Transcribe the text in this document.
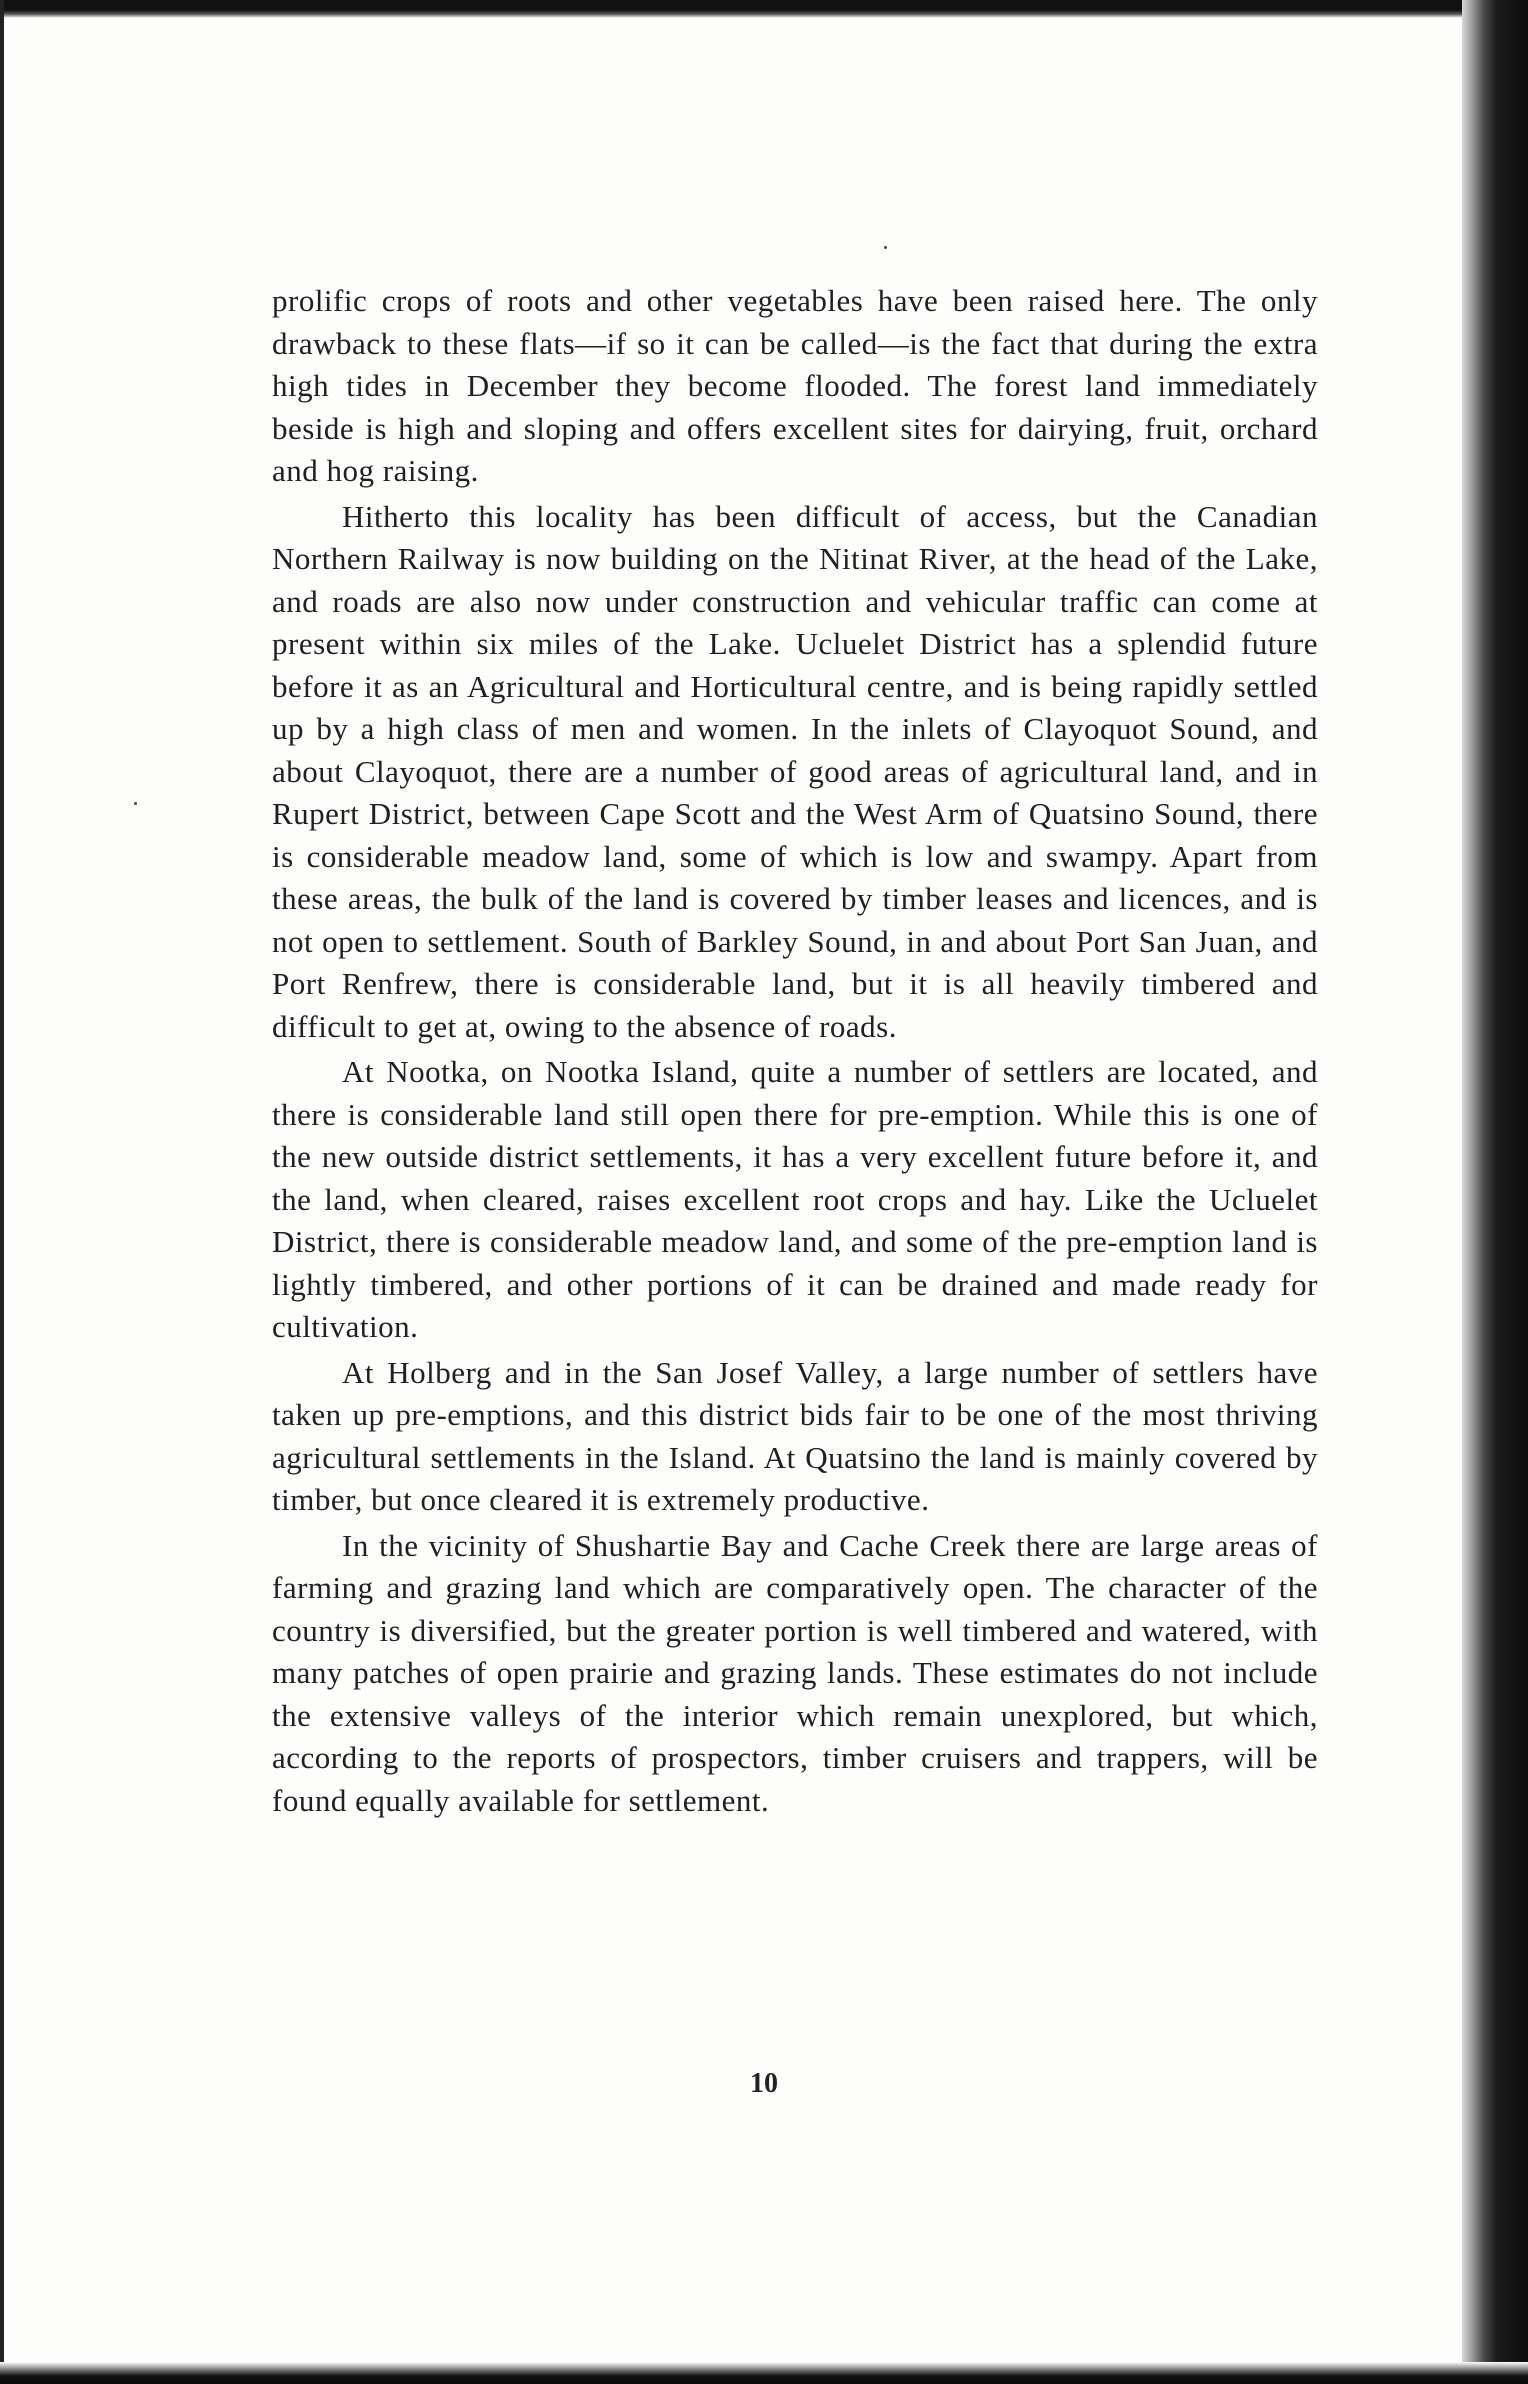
prolific crops of roots and other vegetables have been raised here. The only drawback to these flats—if so it can be called—is the fact that during the extra high tides in December they become flooded. The forest land immediately beside is high and sloping and offers excellent sites for dairying, fruit, orchard and hog raising.

Hitherto this locality has been difficult of access, but the Canadian Northern Railway is now building on the Nitinat River, at the head of the Lake, and roads are also now under construction and vehicular traffic can come at present within six miles of the Lake. Ucluelet District has a splendid future before it as an Agricultural and Horticultural centre, and is being rapidly settled up by a high class of men and women. In the inlets of Clayoquot Sound, and about Clayoquot, there are a number of good areas of agricultural land, and in Rupert District, between Cape Scott and the West Arm of Quatsino Sound, there is considerable meadow land, some of which is low and swampy. Apart from these areas, the bulk of the land is covered by timber leases and licences, and is not open to settlement. South of Barkley Sound, in and about Port San Juan, and Port Renfrew, there is considerable land, but it is all heavily timbered and difficult to get at, owing to the absence of roads.

At Nootka, on Nootka Island, quite a number of settlers are located, and there is considerable land still open there for pre-emption. While this is one of the new outside district settlements, it has a very excellent future before it, and the land, when cleared, raises excellent root crops and hay. Like the Ucluelet District, there is considerable meadow land, and some of the pre-emption land is lightly timbered, and other portions of it can be drained and made ready for cultivation.

At Holberg and in the San Josef Valley, a large number of settlers have taken up pre-emptions, and this district bids fair to be one of the most thriving agricultural settlements in the Island. At Quatsino the land is mainly covered by timber, but once cleared it is extremely productive.

In the vicinity of Shushartie Bay and Cache Creek there are large areas of farming and grazing land which are comparatively open. The character of the country is diversified, but the greater portion is well timbered and watered, with many patches of open prairie and grazing lands. These estimates do not include the extensive valleys of the interior which remain unexplored, but which, according to the reports of prospectors, timber cruisers and trappers, will be found equally available for settlement.

10
